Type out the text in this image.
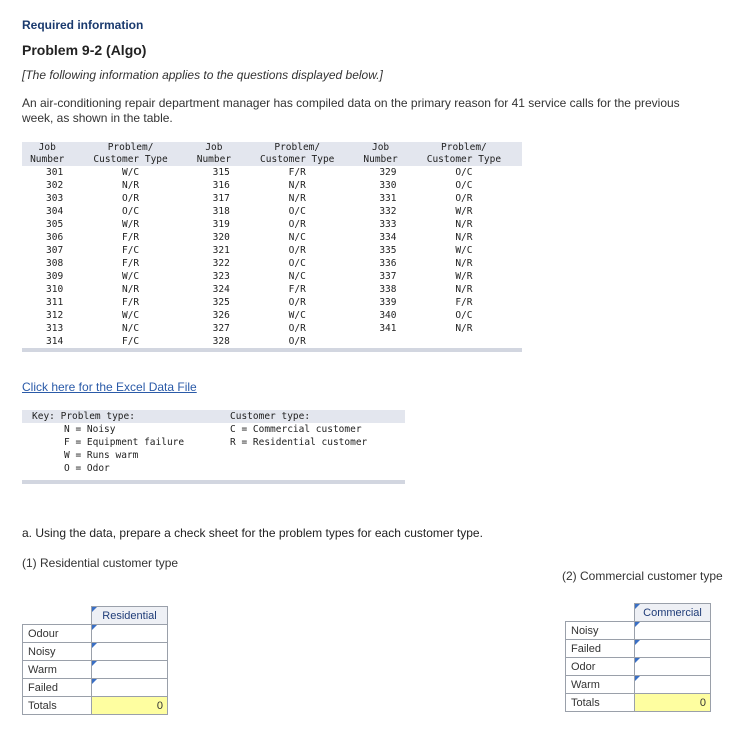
Required information
Problem 9-2 (Algo)
[The following information applies to the questions displayed below.]
An air-conditioning repair department manager has compiled data on the primary reason for 41 service calls for the previous week, as shown in the table.
Job	Problem/	Job	Problem/	Job	Problem/
Number	Customer Type	Number	Customer Type	Number	Customer Type
301	W/C	315	F/R	329	O/C
302	N/R	316	N/R	330	O/C
303	O/R	317	N/R	331	O/R
304	O/C	318	O/C	332	W/R
305	W/R	319	O/R	333	N/R
306	F/R	320	N/C	334	N/R
307	F/C	321	O/R	335	W/C
308	F/R	322	O/C	336	N/R
309	W/C	323	N/C	337	W/R
310	N/R	324	F/R	338	N/R
311	F/R	325	O/R	339	F/R
312	W/C	326	W/C	340	O/C
313	N/C	327	O/R	341	N/R
314	F/C	328	O/R		

Click here for the Excel Data File
Key: Problem type:
N = Noisy
F = Equipment failure
W = Runs warm
O = Odor
Customer type:
C = Commercial customer
R = Residential customer
a. Using the data, prepare a check sheet for the problem types for each customer type.
(1) Residential customer type
(2) Commercial customer type
	Residential
Odour	
Noisy	
Warm	
Failed	
Totals	0
	Commercial
Noisy	
Failed	
Odor	
Warm	
Totals	0
